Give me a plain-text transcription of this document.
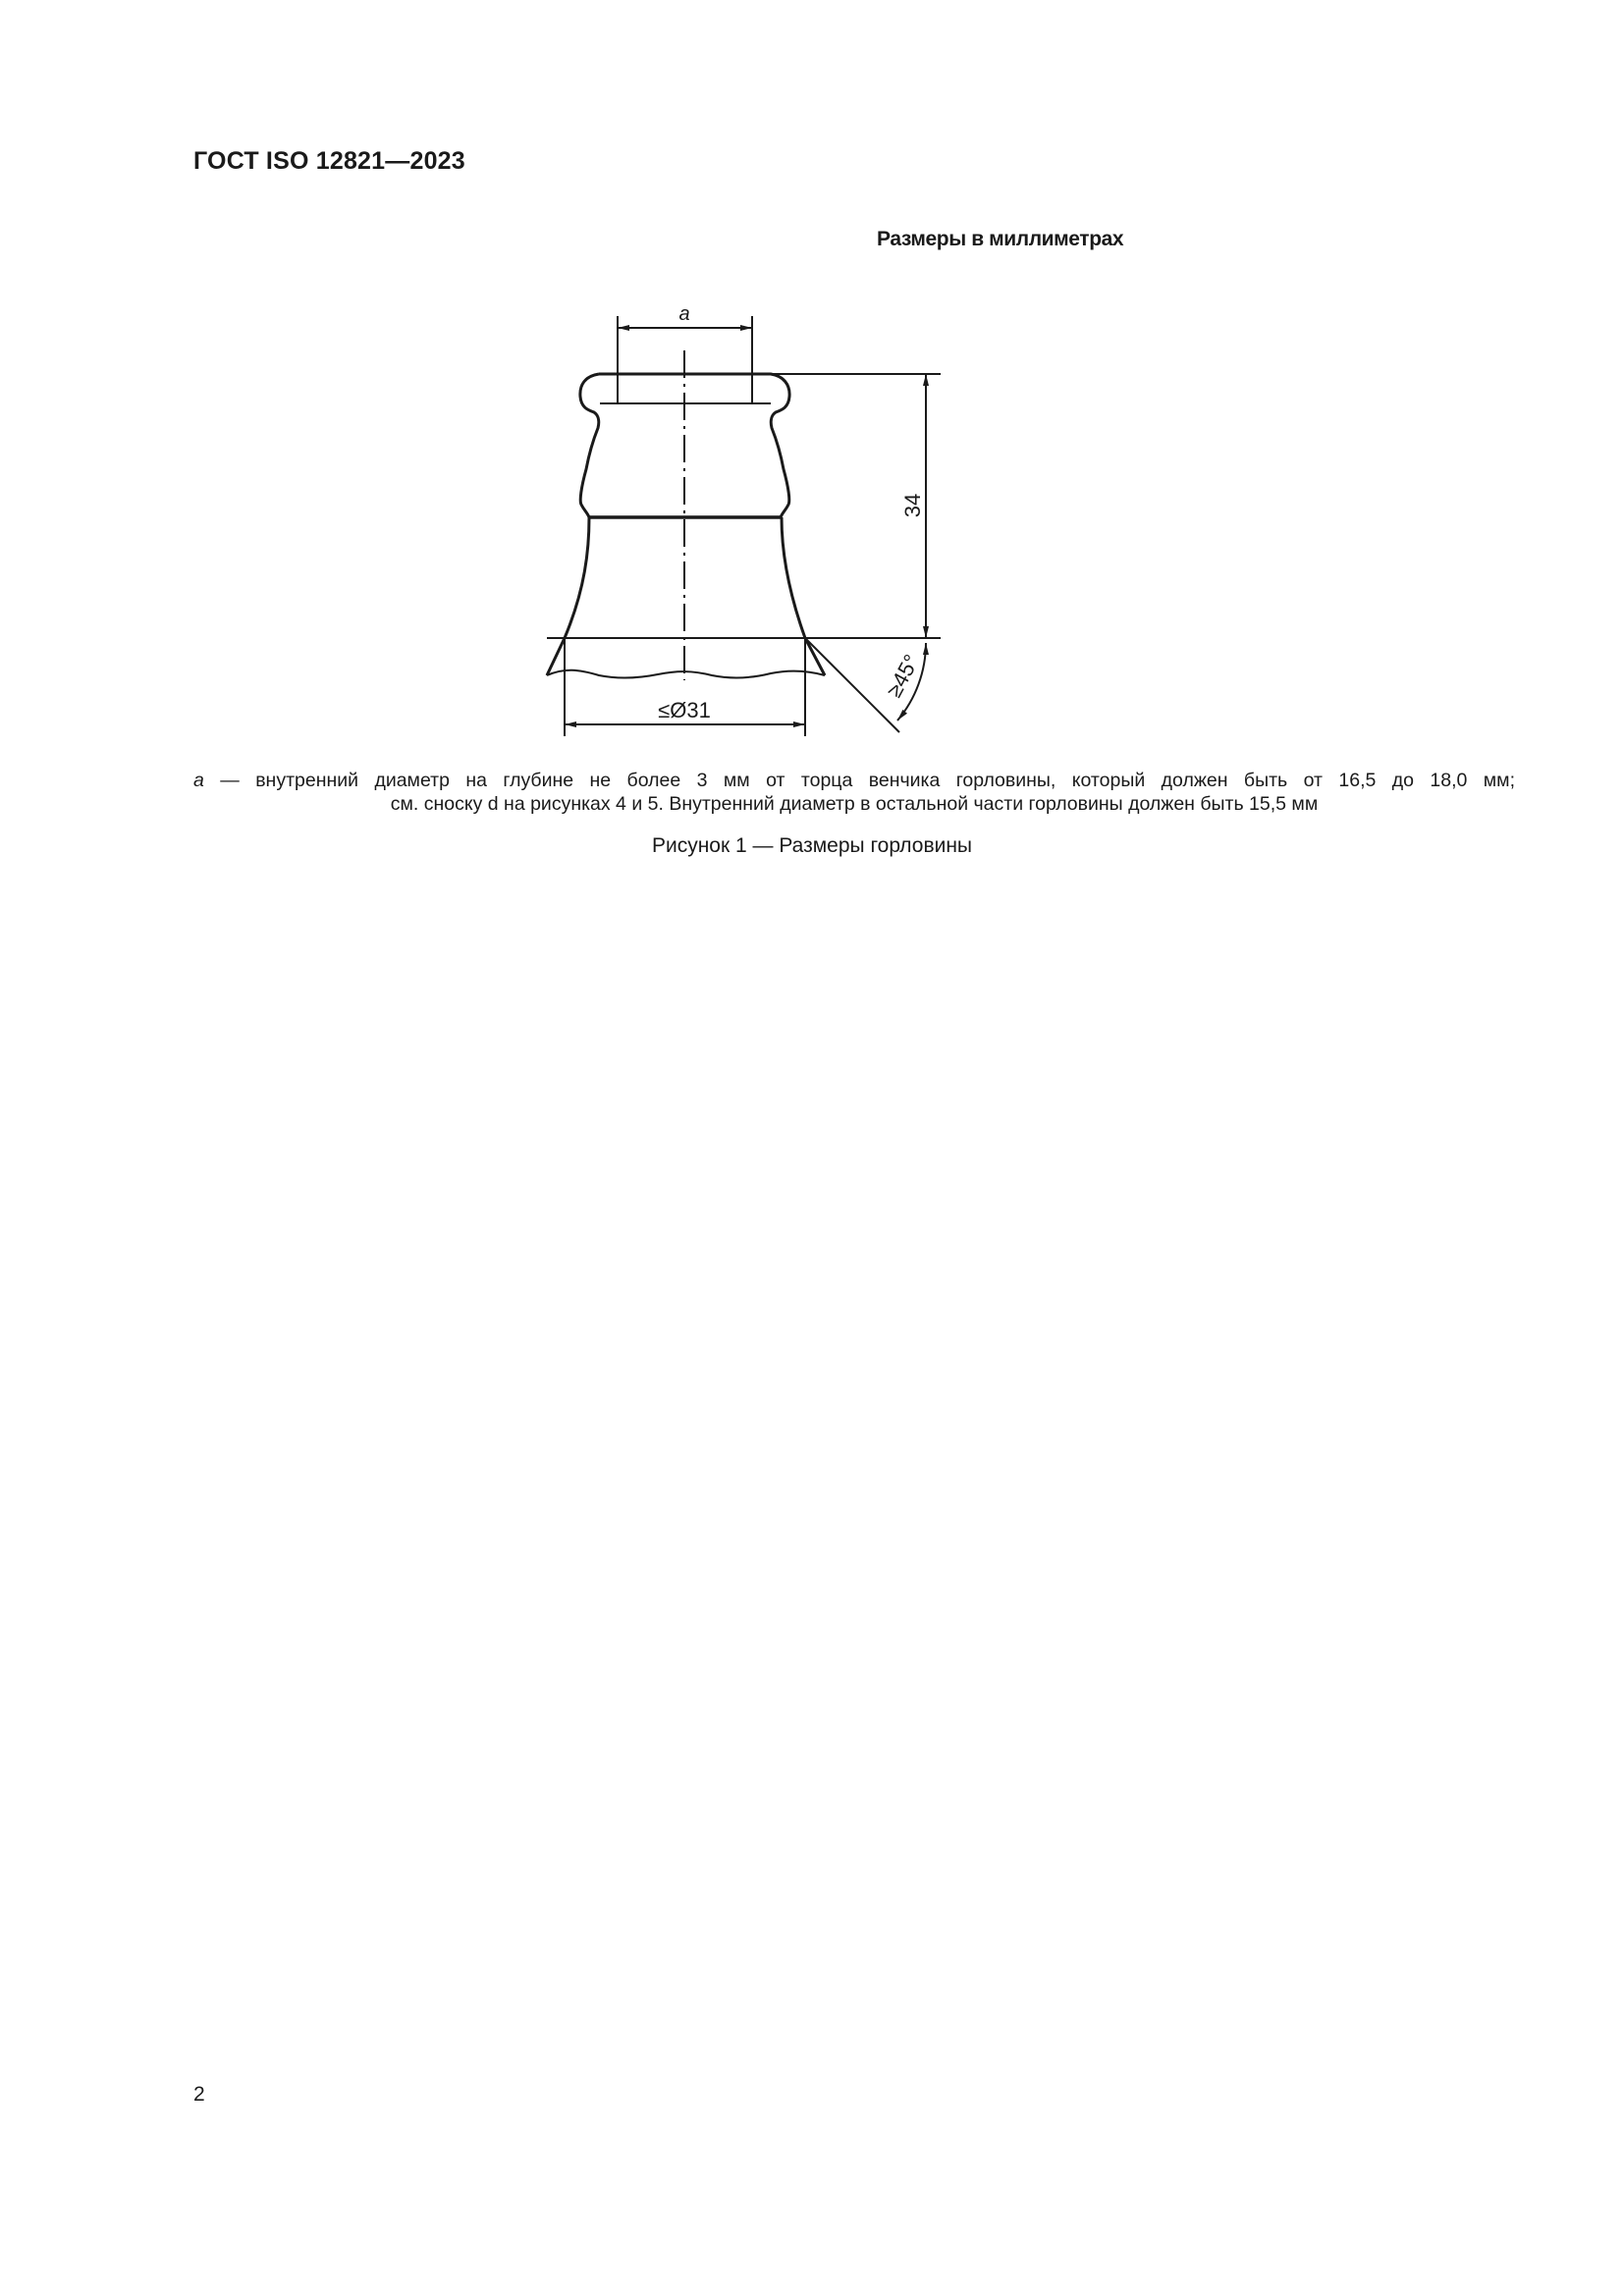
ГОСТ ISO 12821—2023
Размеры в миллиметрах
a
34
≤Ø31
≥45°
a — внутренний диаметр на глубине не более 3 мм от торца венчика горловины, который должен быть от 16,5 до 18,0 мм;
см. сноску d на рисунках 4 и 5. Внутренний диаметр в остальной части горловины должен быть 15,5 мм
Рисунок 1 — Размеры горловины
2
